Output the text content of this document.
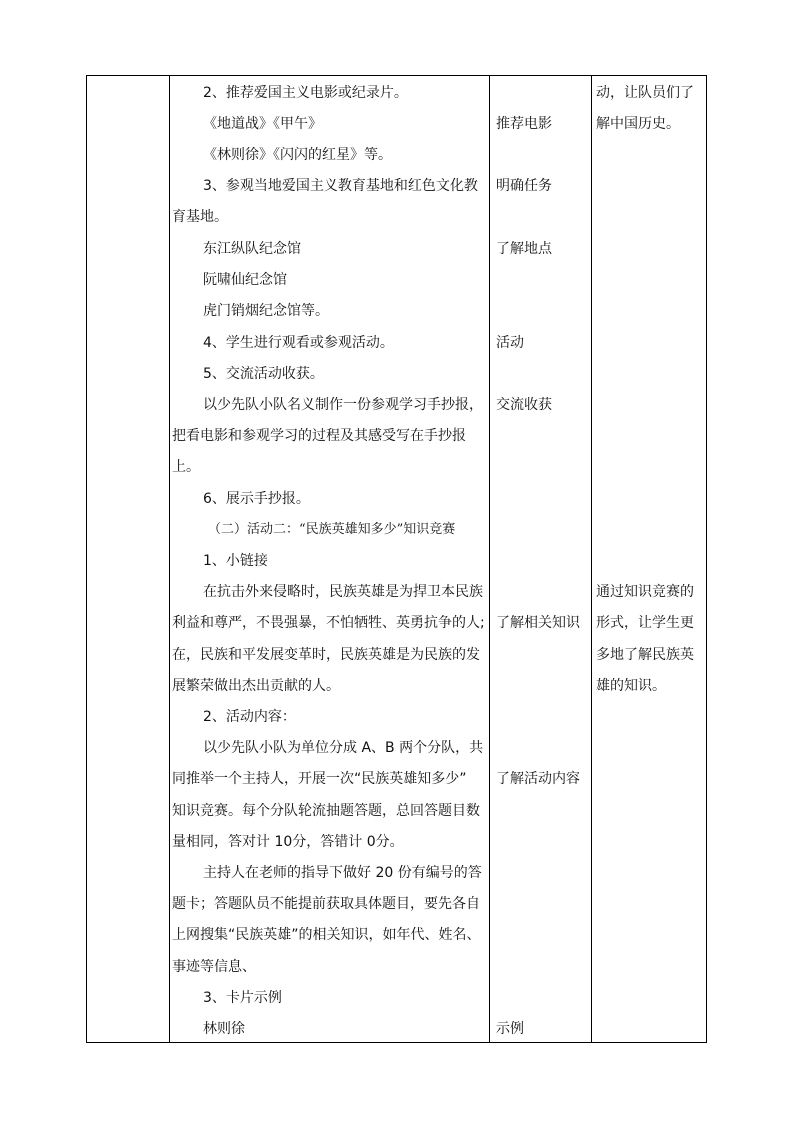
2、推荐爱国主义电影或纪录片。
《地道战》《甲午》
《林则徐》《闪闪的红星》等。
3、参观当地爱国主义教育基地和红色文化教
育基地。
东江纵队纪念馆
阮啸仙纪念馆
虎门销烟纪念馆等。
4、学生进行观看或参观活动。
5、交流活动收获。
以少先队小队名义制作一份参观学习手抄报，
把看电影和参观学习的过程及其感受写在手抄报
上。
6、展示手抄报。
（二）活动二：“民族英雄知多少”知识竞赛
1、小链接
在抗击外来侵略时，民族英雄是为捍卫本民族
利益和尊严，不畏强暴，不怕牺牲、英勇抗争的人;
在，民族和平发展变革时，民族英雄是为民族的发
展繁荣做出杰出贡献的人。
2、活动内容：
以少先队小队为单位分成 A、B 两个分队，共
同推举一个主持人，开展一次“民族英雄知多少”
知识竞赛。每个分队轮流抽题答题，总回答题目数
量相同，答对计 10分，答错计 0分。
主持人在老师的指导下做好 20 份有编号的答
题卡；答题队员不能提前获取具体题目，要先各自
上网搜集“民族英雄”的相关知识，如年代、姓名、
事迹等信息、
3、卡片示例
林则徐
推荐电影
明确任务
了解地点
活动
交流收获
了解相关知识
了解活动内容
示例
动，让队员们了
解中国历史。
通过知识竞赛的
形式，让学生更
多地了解民族英
雄的知识。
